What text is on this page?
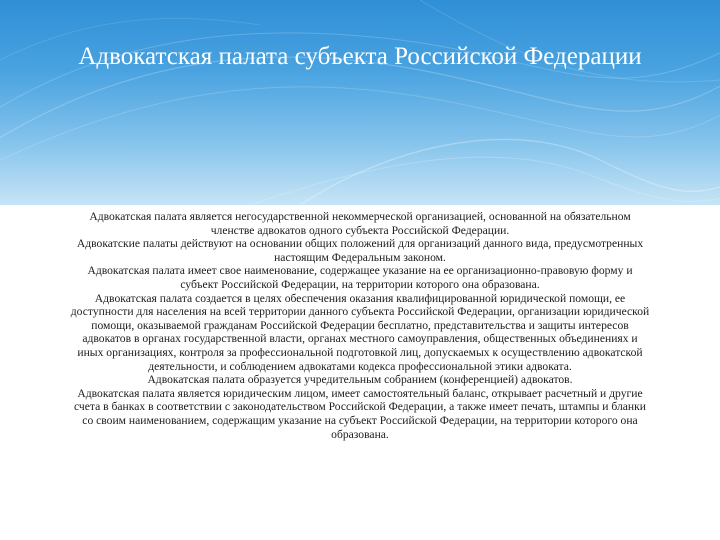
Адвокатская палата субъекта Российской Федерации

Адвокатская палата является негосударственной некоммерческой организацией, основанной на обязательном членстве адвокатов одного субъекта Российской Федерации.

Адвокатские палаты действуют на основании общих положений для организаций данного вида, предусмотренных настоящим Федеральным законом.

Адвокатская палата имеет свое наименование, содержащее указание на ее организационно-правовую форму и субъект Российской Федерации, на территории которого она образована.

Адвокатская палата создается в целях обеспечения оказания квалифицированной юридической помощи, ее доступности для населения на всей территории данного субъекта Российской Федерации, организации юридической помощи, оказываемой гражданам Российской Федерации бесплатно, представительства и защиты интересов адвокатов в органах государственной власти, органах местного самоуправления, общественных объединениях и иных организациях, контроля за профессиональной подготовкой лиц, допускаемых к осуществлению адвокатской деятельности, и соблюдением адвокатами кодекса профессиональной этики адвоката.

Адвокатская палата образуется учредительным собранием (конференцией) адвокатов.

Адвокатская палата является юридическим лицом, имеет самостоятельный баланс, открывает расчетный и другие счета в банках в соответствии с законодательством Российской Федерации, а также имеет печать, штампы и бланки со своим наименованием, содержащим указание на субъект Российской Федерации, на территории которого она образована.
